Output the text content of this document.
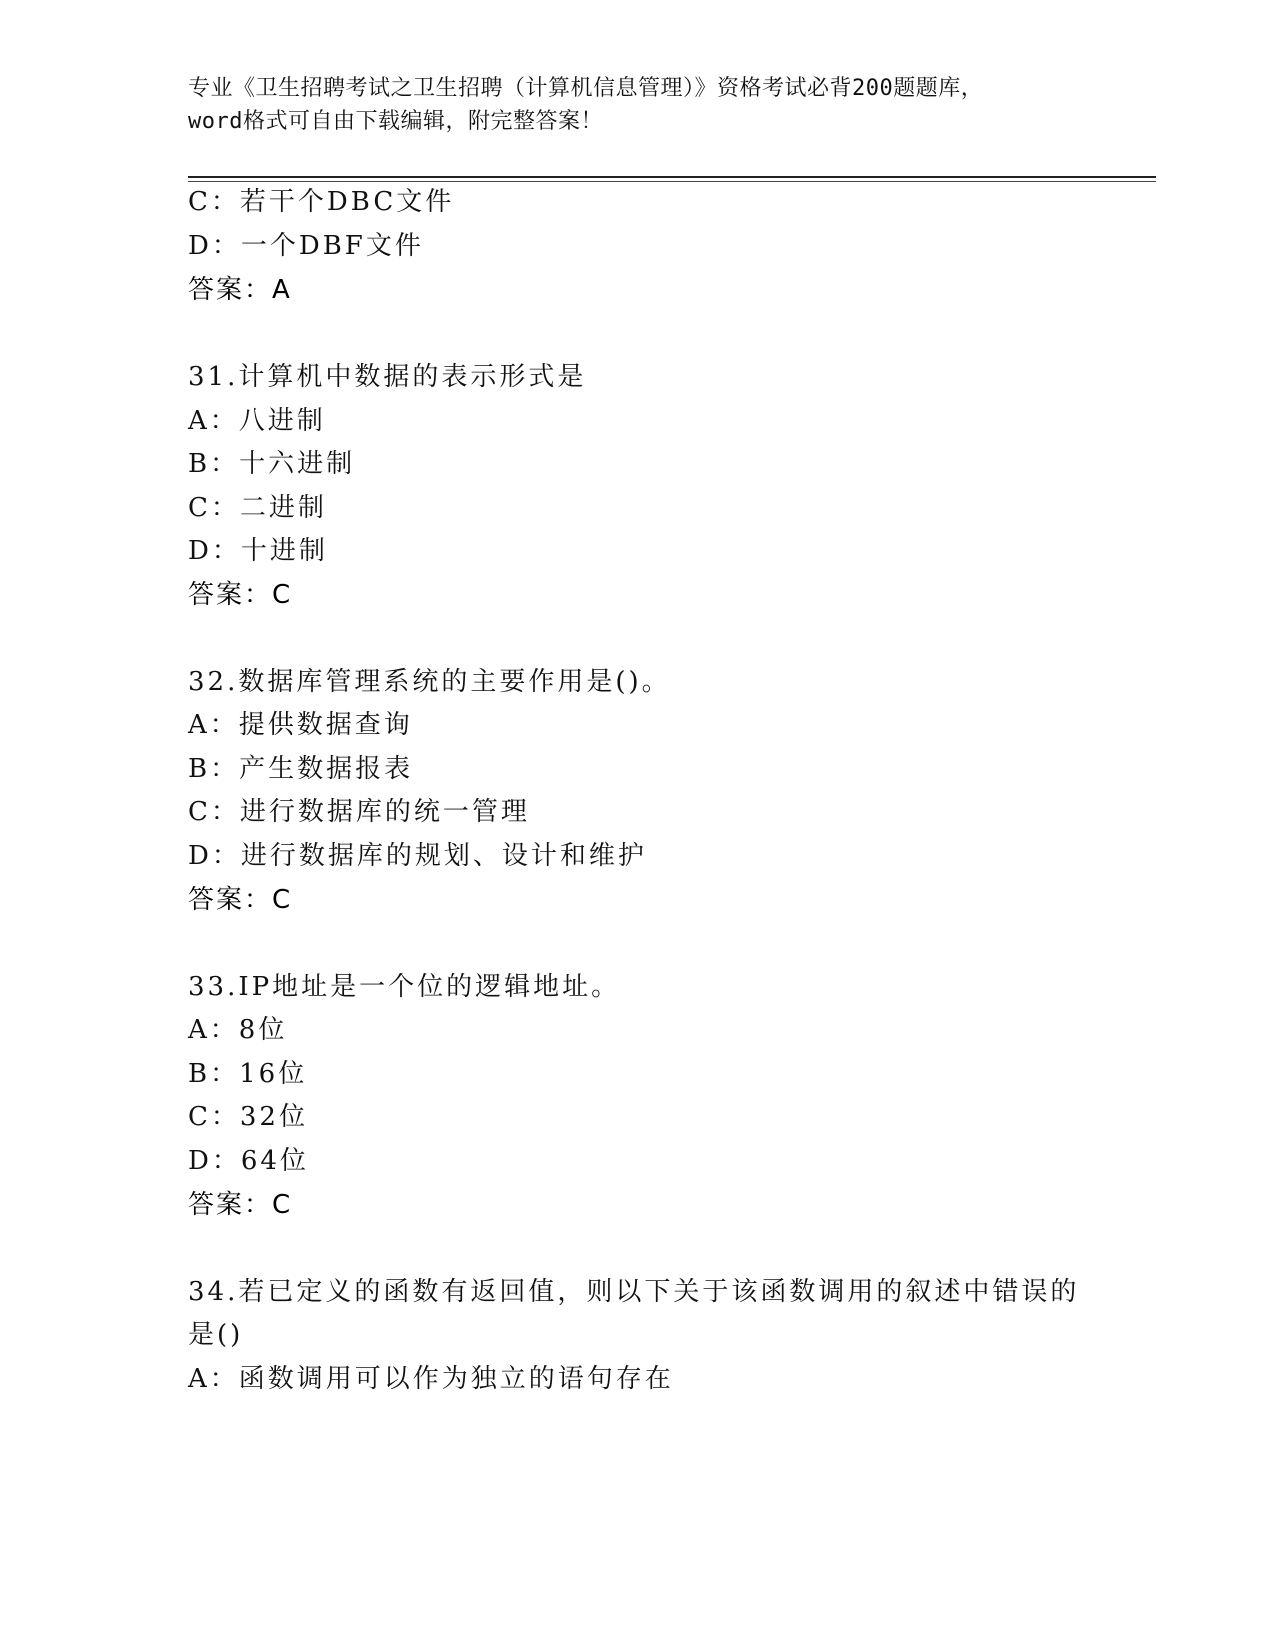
专业《卫生招聘考试之卫生招聘（计算机信息管理）》资格考试必背200题题库，
word格式可自由下载编辑，附完整答案！
C：若干个DBC文件
D：一个DBF文件
答案：A
31.计算机中数据的表示形式是
A：八进制
B：十六进制
C：二进制
D：十进制
答案：C
32.数据库管理系统的主要作用是()。
A：提供数据查询
B：产生数据报表
C：进行数据库的统一管理
D：进行数据库的规划、设计和维护
答案：C
33.IP地址是一个位的逻辑地址。
A：8位
B：16位
C：32位
D：64位
答案：C
34.若已定义的函数有返回值，则以下关于该函数调用的叙述中错误的
是()
A：函数调用可以作为独立的语句存在
